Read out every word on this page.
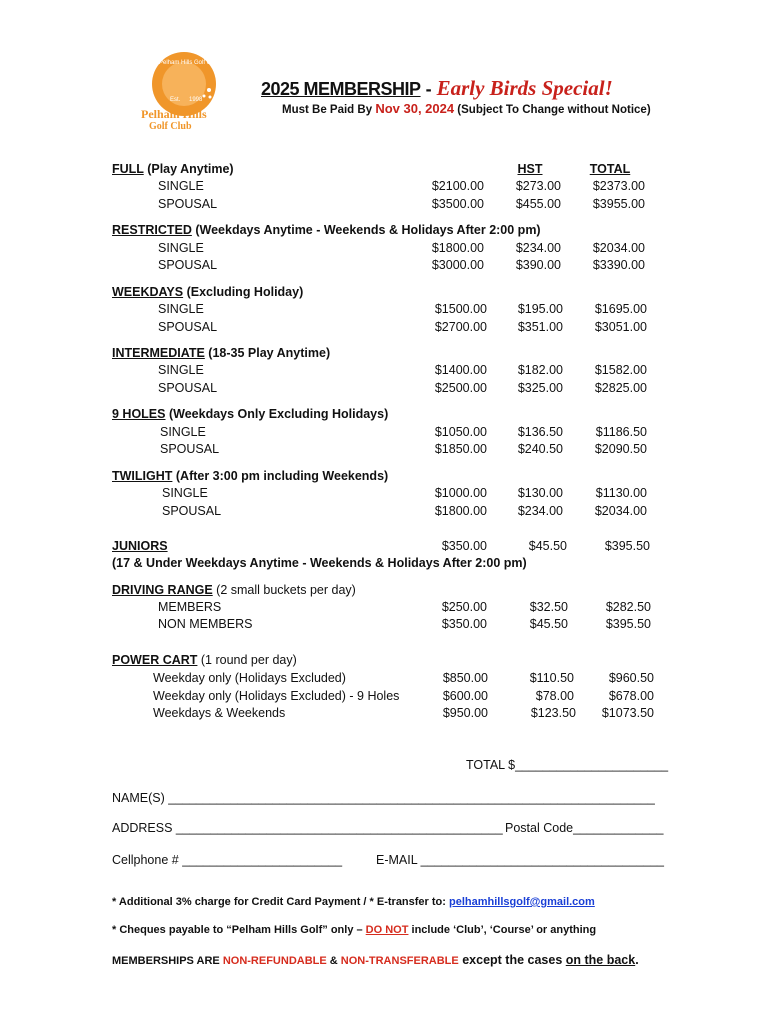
Pelham Hills Golf Course
Est. 1998
Pelham Hills
Golf Club
2025 MEMBERSHIP - Early Birds Special!
Must Be Paid By Nov 30, 2024 (Subject To Change without Notice)
HST	TOTAL
FULL (Play Anytime)
SINGLE	$2100.00	$273.00	$2373.00
SPOUSAL	$3500.00	$455.00	$3955.00
RESTRICTED (Weekdays Anytime - Weekends & Holidays After 2:00 pm)
SINGLE	$1800.00	$234.00	$2034.00
SPOUSAL	$3000.00	$390.00	$3390.00
WEEKDAYS (Excluding Holiday)
SINGLE	$1500.00	$195.00	$1695.00
SPOUSAL	$2700.00	$351.00	$3051.00
INTERMEDIATE (18-35 Play Anytime)
SINGLE	$1400.00	$182.00	$1582.00
SPOUSAL	$2500.00	$325.00	$2825.00
9 HOLES (Weekdays Only Excluding Holidays)
SINGLE	$1050.00	$136.50	$1186.50
SPOUSAL	$1850.00	$240.50	$2090.50
TWILIGHT (After 3:00 pm including Weekends)
SINGLE	$1000.00	$130.00	$1130.00
SPOUSAL	$1800.00	$234.00	$2034.00
JUNIORS	$350.00	$45.50	$395.50
(17 & Under Weekdays Anytime - Weekends & Holidays After 2:00 pm)
DRIVING RANGE (2 small buckets per day)
MEMBERS	$250.00	$32.50	$282.50
NON MEMBERS	$350.00	$45.50	$395.50
POWER CART (1 round per day)
Weekday only (Holidays Excluded)	$850.00	$110.50	$960.50
Weekday only (Holidays Excluded) - 9 Holes	$600.00	$78.00	$678.00
Weekdays & Weekends	$950.00	$123.50	$1073.50
TOTAL $______________________
NAME(S) ______________________________________________________________________
ADDRESS _______________________________________________ Postal Code_____________
Cellphone # _______________________	E-MAIL ___________________________________
* Additional 3% charge for Credit Card Payment / * E-transfer to: pelhamhillsgolf@gmail.com
* Cheques payable to “Pelham Hills Golf” only – DO NOT include ‘Club’, ‘Course’ or anything
MEMBERSHIPS ARE NON-REFUNDABLE & NON-TRANSFERABLE except the cases on the back.
